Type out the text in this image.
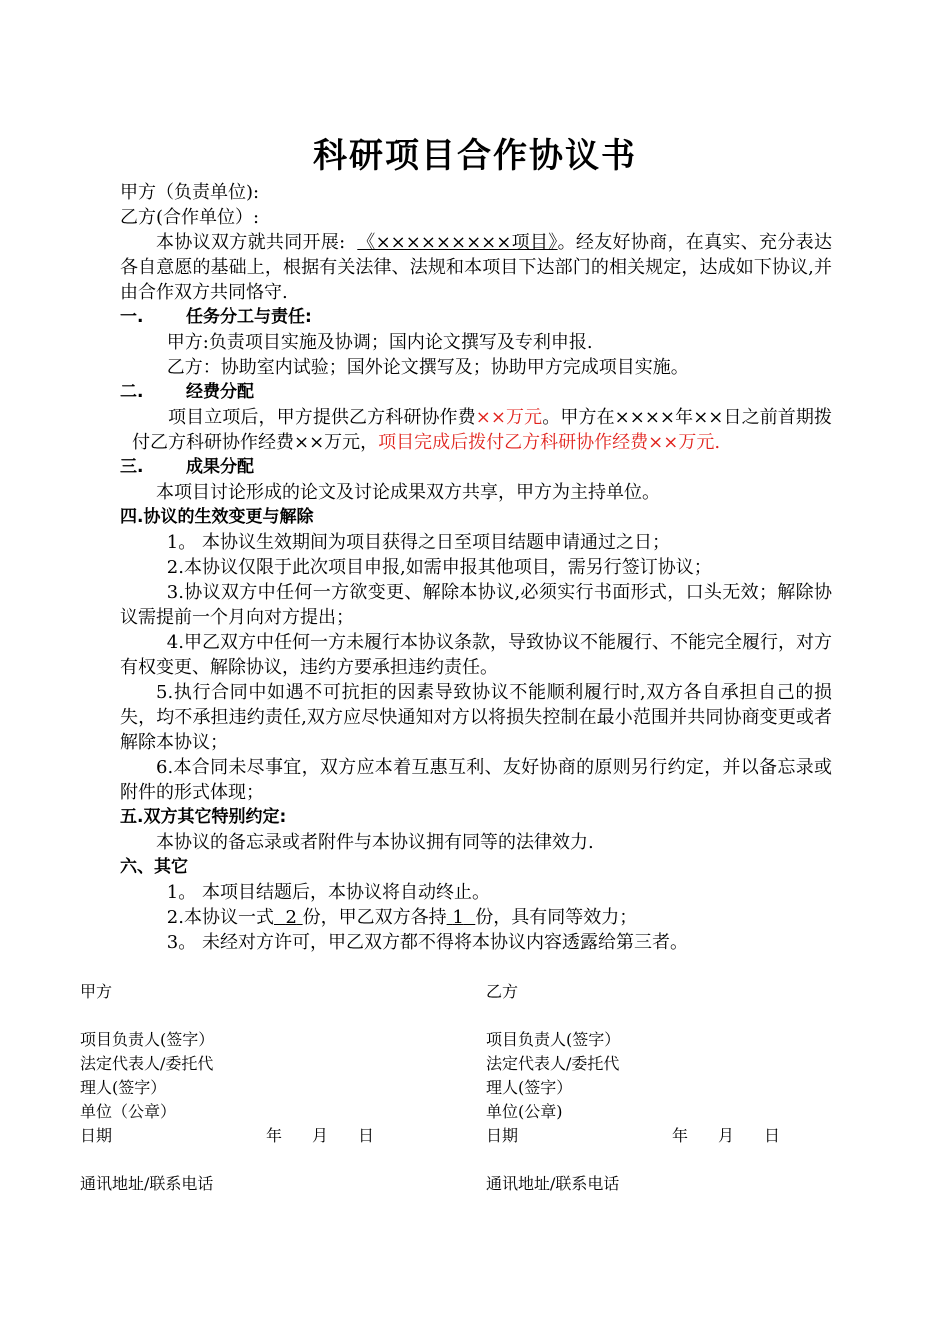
科研项目合作协议书
甲方（负责单位):
乙方(合作单位）:
本协议双方就共同开展: 《×××××××××项目》。经友好协商，在真实、充分表达各自意愿的基础上，根据有关法律、法规和本项目下达部门的相关规定，达成如下协议,并由合作双方共同恪守.
一.	任务分工与责任:
甲方:负责项目实施及协调；国内论文撰写及专利申报.
乙方：协助室内试验；国外论文撰写及；协助甲方完成项目实施。
二.	经费分配
项目立项后，甲方提供乙方科研协作费××万元。甲方在××××年××日之前首期拨付乙方科研协作经费××万元，项目完成后拨付乙方科研协作经费××万元.
三.	成果分配
本项目讨论形成的论文及讨论成果双方共享，甲方为主持单位。
四.协议的生效变更与解除
1。 本协议生效期间为项目获得之日至项目结题申请通过之日；
2.本协议仅限于此次项目申报,如需申报其他项目，需另行签订协议；
3.协议双方中任何一方欲变更、解除本协议,必须实行书面形式，口头无效；解除协议需提前一个月向对方提出；
4.甲乙双方中任何一方未履行本协议条款，导致协议不能履行、不能完全履行，对方有权变更、解除协议，违约方要承担违约责任。
5.执行合同中如遇不可抗拒的因素导致协议不能顺利履行时,双方各自承担自己的损失，均不承担违约责任,双方应尽快通知对方以将损失控制在最小范围并共同协商变更或者解除本协议；
6.本合同未尽事宜，双方应本着互惠互利、友好协商的原则另行约定，并以备忘录或附件的形式体现；
五.双方其它特别约定:
本协议的备忘录或者附件与本协议拥有同等的法律效力.
六、其它
1。 本项目结题后，本协议将自动终止。
2.本协议一式 2 份，甲乙双方各持 1 份，具有同等效力；
3。 未经对方许可，甲乙双方都不得将本协议内容透露给第三者。
甲方
项目负责人(签字）
法定代表人/委托代
理人(签字）
单位（公章）
日期	年 月 日
通讯地址/联系电话
乙方
项目负责人(签字）
法定代表人/委托代
理人(签字）
单位(公章)
日期	年 月 日
通讯地址/联系电话
